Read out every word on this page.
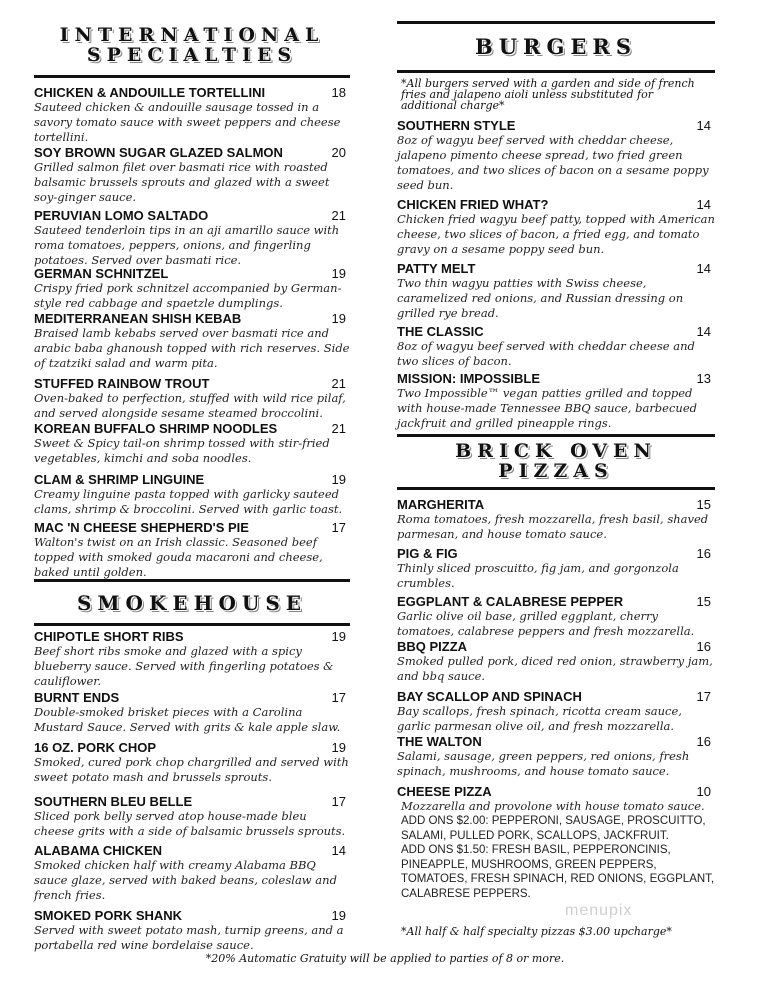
INTERNATIONAL SPECIALTIES
CHICKEN & ANDOUILLE TORTELLINI	18
Sauteed chicken & andouille sausage tossed in a savory tomato sauce with sweet peppers and cheese tortellini.
SOY BROWN SUGAR GLAZED SALMON	20
Grilled salmon filet over basmati rice with roasted balsamic brussels sprouts and glazed with a sweet soy-ginger sauce.
PERUVIAN LOMO SALTADO	21
Sauteed tenderloin tips in an aji amarillo sauce with roma tomatoes, peppers, onions, and fingerling potatoes. Served over basmati rice.
GERMAN SCHNITZEL	19
Crispy fried pork schnitzel accompanied by German-style red cabbage and spaetzle dumplings.
MEDITERRANEAN SHISH KEBAB	19
Braised lamb kebabs served over basmati rice and arabic baba ghanoush topped with rich reserves. Side of tzatziki salad and warm pita.
STUFFED RAINBOW TROUT	21
Oven-baked to perfection, stuffed with wild rice pilaf, and served alongside sesame steamed broccolini.
KOREAN BUFFALO SHRIMP NOODLES	21
Sweet & Spicy tail-on shrimp tossed with stir-fried vegetables, kimchi and soba noodles.
CLAM & SHRIMP LINGUINE	19
Creamy linguine pasta topped with garlicky sauteed clams, shrimp & broccolini. Served with garlic toast.
MAC 'N CHEESE SHEPHERD'S PIE	17
Walton's twist on an Irish classic. Seasoned beef topped with smoked gouda macaroni and cheese, baked until golden.
SMOKEHOUSE
CHIPOTLE SHORT RIBS	19
Beef short ribs smoke and glazed with a spicy blueberry sauce. Served with fingerling potatoes & cauliflower.
BURNT ENDS	17
Double-smoked brisket pieces with a Carolina Mustard Sauce. Served with grits & kale apple slaw.
16 OZ. PORK CHOP	19
Smoked, cured pork chop chargrilled and served with sweet potato mash and brussels sprouts.
SOUTHERN BLEU BELLE	17
Sliced pork belly served atop house-made bleu cheese grits with a side of balsamic brussels sprouts.
ALABAMA CHICKEN	14
Smoked chicken half with creamy Alabama BBQ sauce glaze, served with baked beans, coleslaw and french fries.
SMOKED PORK SHANK	19
Served with sweet potato mash, turnip greens, and a portabella red wine bordelaise sauce.
BURGERS
*All burgers served with a garden and side of french fries and jalapeno aioli unless substituted for additional charge*
SOUTHERN STYLE	14
8oz of wagyu beef served with cheddar cheese, jalapeno pimento cheese spread, two fried green tomatoes, and two slices of bacon on a sesame poppy seed bun.
CHICKEN FRIED WHAT?	14
Chicken fried wagyu beef patty, topped with American cheese, two slices of bacon, a fried egg, and tomato gravy on a sesame poppy seed bun.
PATTY MELT	14
Two thin wagyu patties with Swiss cheese, caramelized red onions, and Russian dressing on grilled rye bread.
THE CLASSIC	14
8oz of wagyu beef served with cheddar cheese and two slices of bacon.
MISSION: IMPOSSIBLE	13
Two Impossible™ vegan patties grilled and topped with house-made Tennessee BBQ sauce, barbecued jackfruit and grilled pineapple rings.
BRICK OVEN PIZZAS
MARGHERITA	15
Roma tomatoes, fresh mozzarella, fresh basil, shaved parmesan, and house tomato sauce.
PIG & FIG	16
Thinly sliced proscuitto, fig jam, and gorgonzola crumbles.
EGGPLANT & CALABRESE PEPPER	15
Garlic olive oil base, grilled eggplant, cherry tomatoes, calabrese peppers and fresh mozzarella.
BBQ PIZZA	16
Smoked pulled pork, diced red onion, strawberry jam, and bbq sauce.
BAY SCALLOP AND SPINACH	17
Bay scallops, fresh spinach, ricotta cream sauce, garlic parmesan olive oil, and fresh mozzarella.
THE WALTON	16
Salami, sausage, green peppers, red onions, fresh spinach, mushrooms, and house tomato sauce.
CHEESE PIZZA	10
Mozzarella and provolone with house tomato sauce.
ADD ONS $2.00: PEPPERONI, SAUSAGE, PROSCUITTO, SALAMI, PULLED PORK, SCALLOPS, JACKFRUIT.
ADD ONS $1.50: FRESH BASIL, PEPPERONCINIS, PINEAPPLE, MUSHROOMS, GREEN PEPPERS, TOMATOES, FRESH SPINACH, RED ONIONS, EGGPLANT, CALABRESE PEPPERS.
*All half & half specialty pizzas $3.00 upcharge*
menupix
*20% Automatic Gratuity will be applied to parties of 8 or more.
